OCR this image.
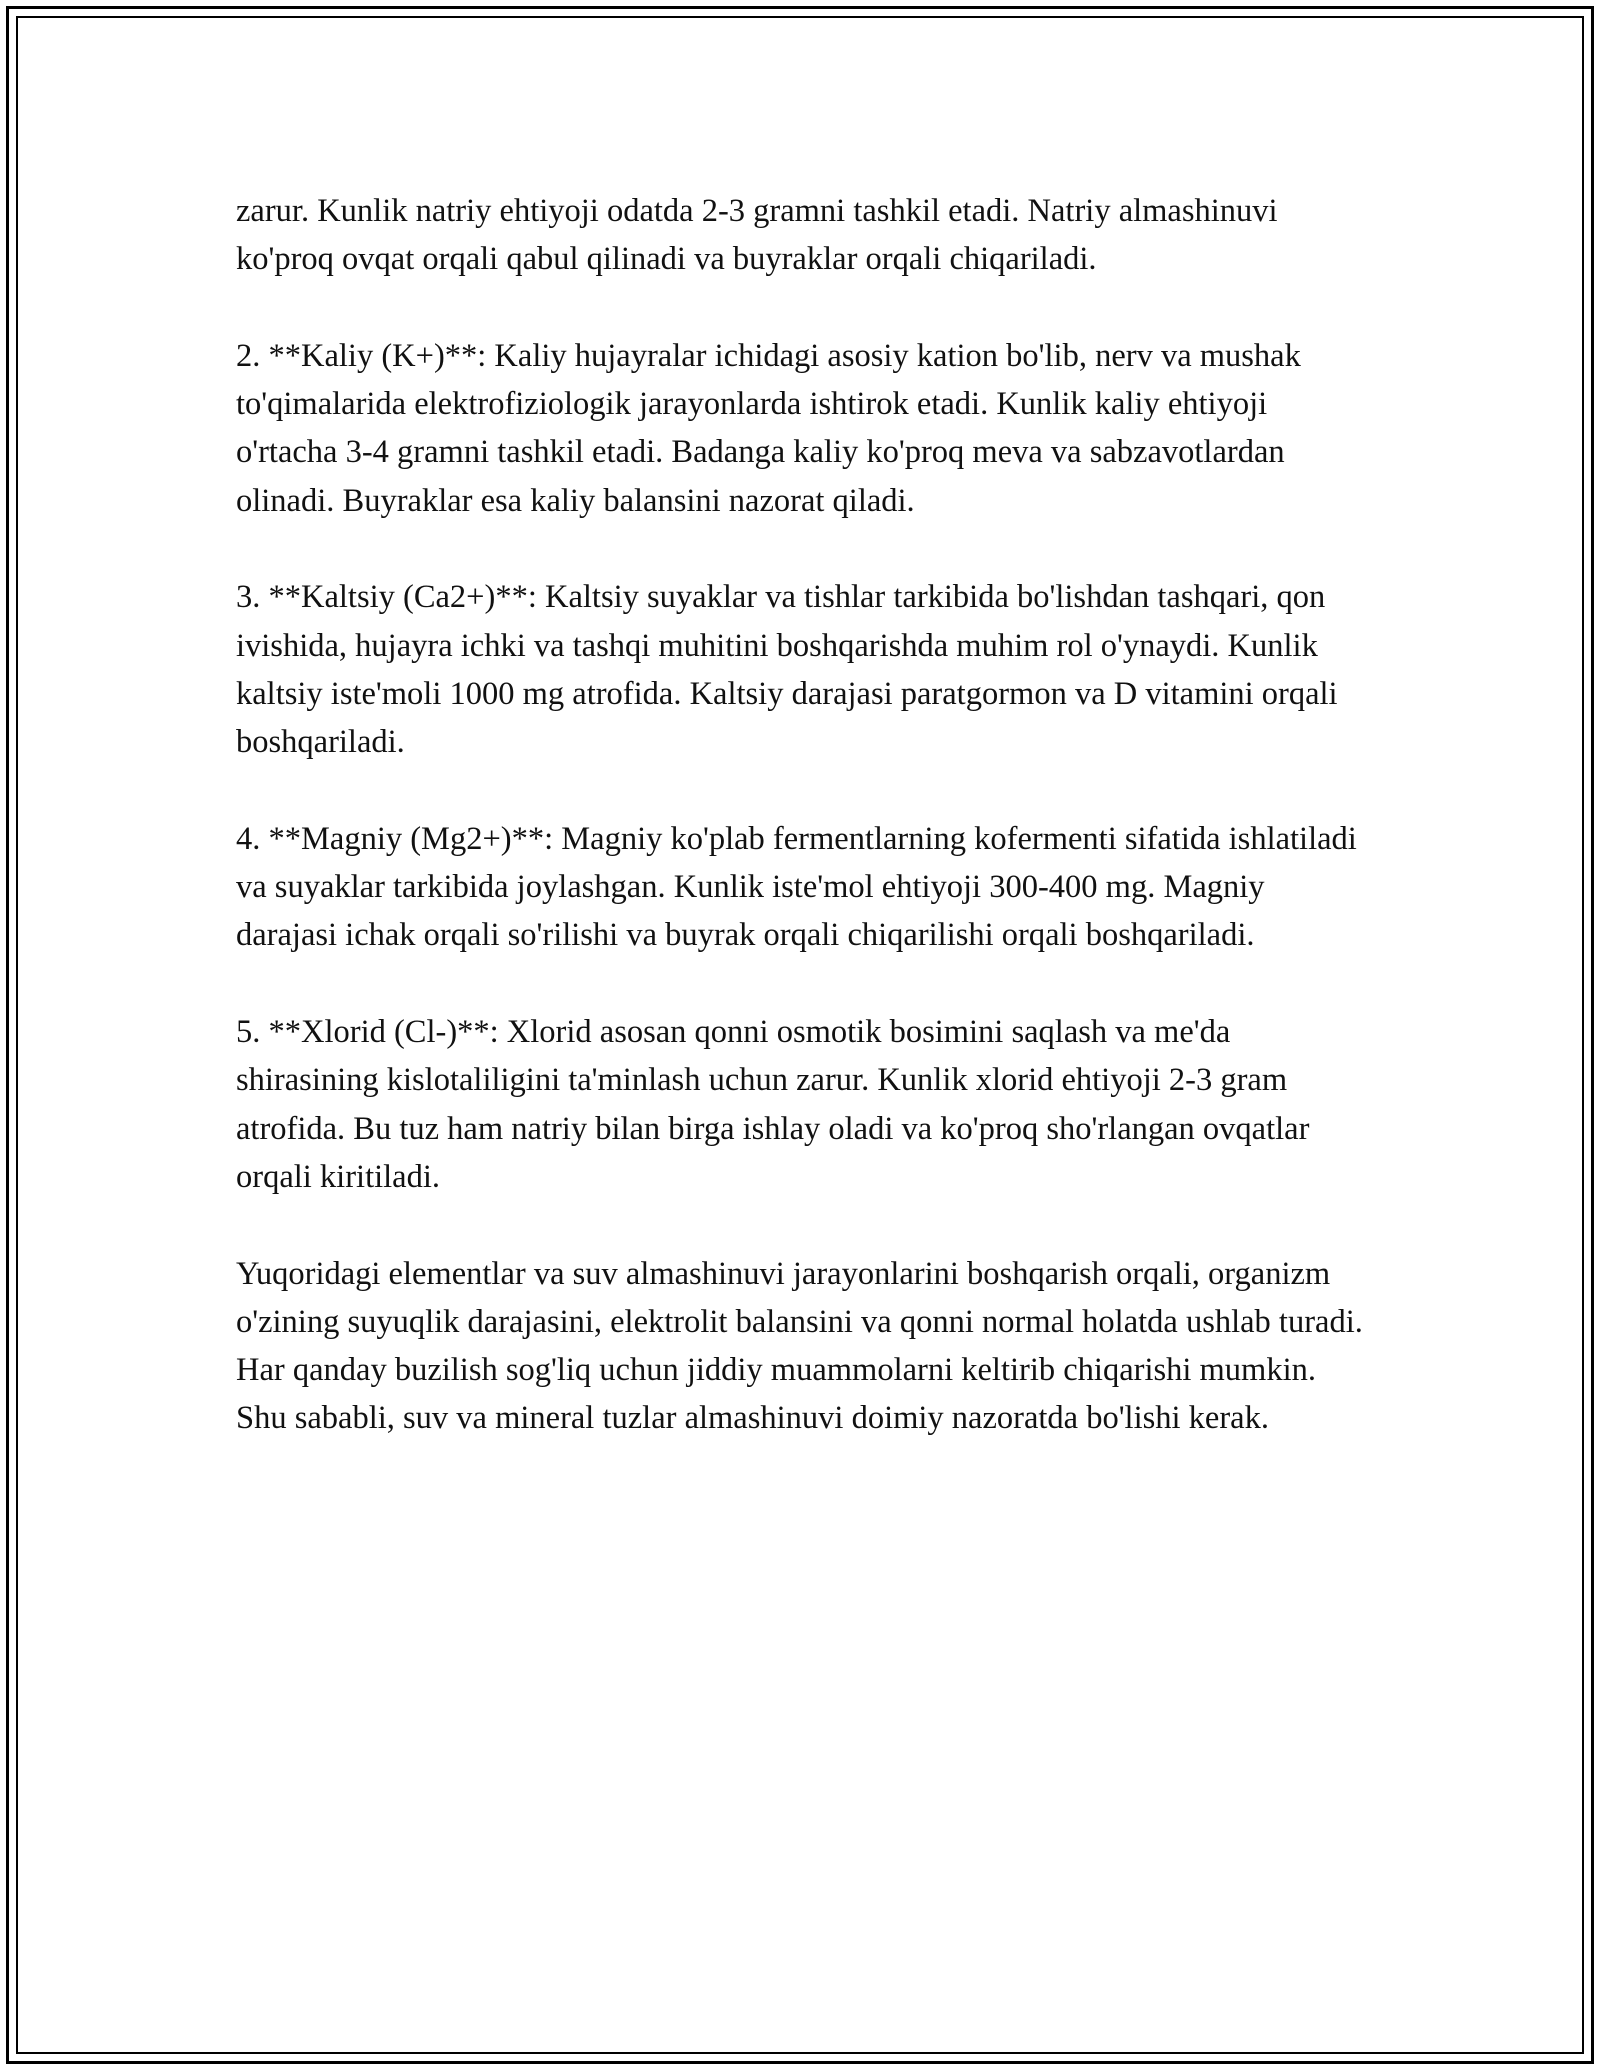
zarur. Kunlik natriy ehtiyoji odatda 2-3 gramni tashkil etadi. Natriy almashinuvi ko'proq ovqat orqali qabul qilinadi va buyraklar orqali chiqariladi.

2. **Kaliy (K+)**: Kaliy hujayralar ichidagi asosiy kation bo'lib, nerv va mushak to'qimalarida elektrofiziologik jarayonlarda ishtirok etadi. Kunlik kaliy ehtiyoji o'rtacha 3-4 gramni tashkil etadi. Badanga kaliy ko'proq meva va sabzavotlardan olinadi. Buyraklar esa kaliy balansini nazorat qiladi.

3. **Kaltsiy (Ca2+)**: Kaltsiy suyaklar va tishlar tarkibida bo'lishdan tashqari, qon ivishida, hujayra ichki va tashqi muhitini boshqarishda muhim rol o'ynaydi. Kunlik kaltsiy iste'moli 1000 mg atrofida. Kaltsiy darajasi paratgormon va D vitamini orqali boshqariladi.

4. **Magniy (Mg2+)**: Magniy ko'plab fermentlarning kofermenti sifatida ishlatiladi va suyaklar tarkibida joylashgan. Kunlik iste'mol ehtiyoji 300-400 mg. Magniy darajasi ichak orqali so'rilishi va buyrak orqali chiqarilishi orqali boshqariladi.

5. **Xlorid (Cl-)**: Xlorid asosan qonni osmotik bosimini saqlash va me'da shirasining kislotaliligini ta'minlash uchun zarur. Kunlik xlorid ehtiyoji 2-3 gram atrofida. Bu tuz ham natriy bilan birga ishlay oladi va ko'proq sho'rlangan ovqatlar orqali kiritiladi.

Yuqoridagi elementlar va suv almashinuvi jarayonlarini boshqarish orqali, organizm o'zining suyuqlik darajasini, elektrolit balansini va qonni normal holatda ushlab turadi. Har qanday buzilish sog'liq uchun jiddiy muammolarni keltirib chiqarishi mumkin. Shu sababli, suv va mineral tuzlar almashinuvi doimiy nazoratda bo'lishi kerak.
